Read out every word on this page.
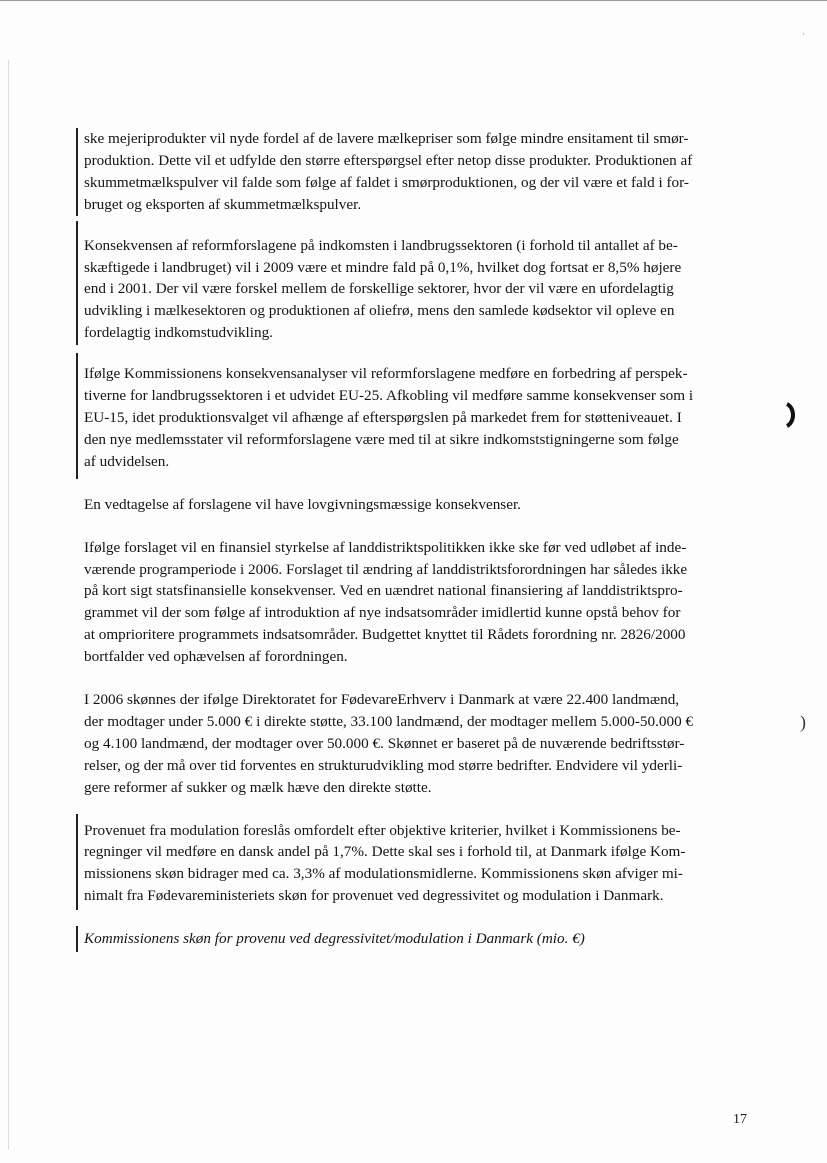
·

ske mejeriprodukter vil nyde fordel af de lavere mælkepriser som følge mindre ensitament til smør-
produktion. Dette vil et udfylde den større efterspørgsel efter netop disse produkter. Produktionen af
skummetmælkspulver vil falde som følge af faldet i smørproduktionen, og der vil være et fald i for-
bruget og eksporten af skummetmælkspulver.

Konsekvensen af reformforslagene på indkomsten i landbrugssektoren (i forhold til antallet af be-
skæftigede i landbruget) vil i 2009 være et mindre fald på 0,1%, hvilket dog fortsat er 8,5% højere
end i 2001. Der vil være forskel mellem de forskellige sektorer, hvor der vil være en ufordelagtig
udvikling i mælkesektoren og produktionen af oliefrø, mens den samlede kødsektor vil opleve en
fordelagtig indkomstudvikling.

Ifølge Kommissionens konsekvensanalyser vil reformforslagene medføre en forbedring af perspek-
tiverne for landbrugssektoren i et udvidet EU-25. Afkobling vil medføre samme konsekvenser som i
EU-15, idet produktionsvalget vil afhænge af efterspørgslen på markedet frem for støtteniveauet. I
den nye medlemsstater vil reformforslagene være med til at sikre indkomststigningerne som følge
af udvidelsen.

En vedtagelse af forslagene vil have lovgivningsmæssige konsekvenser.

Ifølge forslaget vil en finansiel styrkelse af landdistriktspolitikken ikke ske før ved udløbet af inde-
værende programperiode i 2006. Forslaget til ændring af landdistriktsforordningen har således ikke
på kort sigt statsfinansielle konsekvenser. Ved en uændret national finansiering af landdistriktspro-
grammet vil der som følge af introduktion af nye indsatsområder imidlertid kunne opstå behov for
at omprioritere programmets indsatsområder. Budgettet knyttet til Rådets forordning nr. 2826/2000
bortfalder ved ophævelsen af forordningen.

I 2006 skønnes der ifølge Direktoratet for FødevareErhverv i Danmark at være 22.400 landmænd,
der modtager under 5.000 € i direkte støtte, 33.100 landmænd, der modtager mellem 5.000-50.000 €
og 4.100 landmænd, der modtager over 50.000 €. Skønnet er baseret på de nuværende bedriftsstør-
relser, og der må over tid forventes en strukturudvikling mod større bedrifter. Endvidere vil yderli-
gere reformer af sukker og mælk hæve den direkte støtte.

Provenuet fra modulation foreslås omfordelt efter objektive kriterier, hvilket i Kommissionens be-
regninger vil medføre en dansk andel på 1,7%. Dette skal ses i forhold til, at Danmark ifølge Kom-
missionens skøn bidrager med ca. 3,3% af modulationsmidlerne. Kommissionens skøn afviger mi-
nimalt fra Fødevareministeriets skøn for provenuet ved degressivitet og modulation i Danmark.

Kommissionens skøn for provenu ved degressivitet/modulation i Danmark (mio. €)

)
17
